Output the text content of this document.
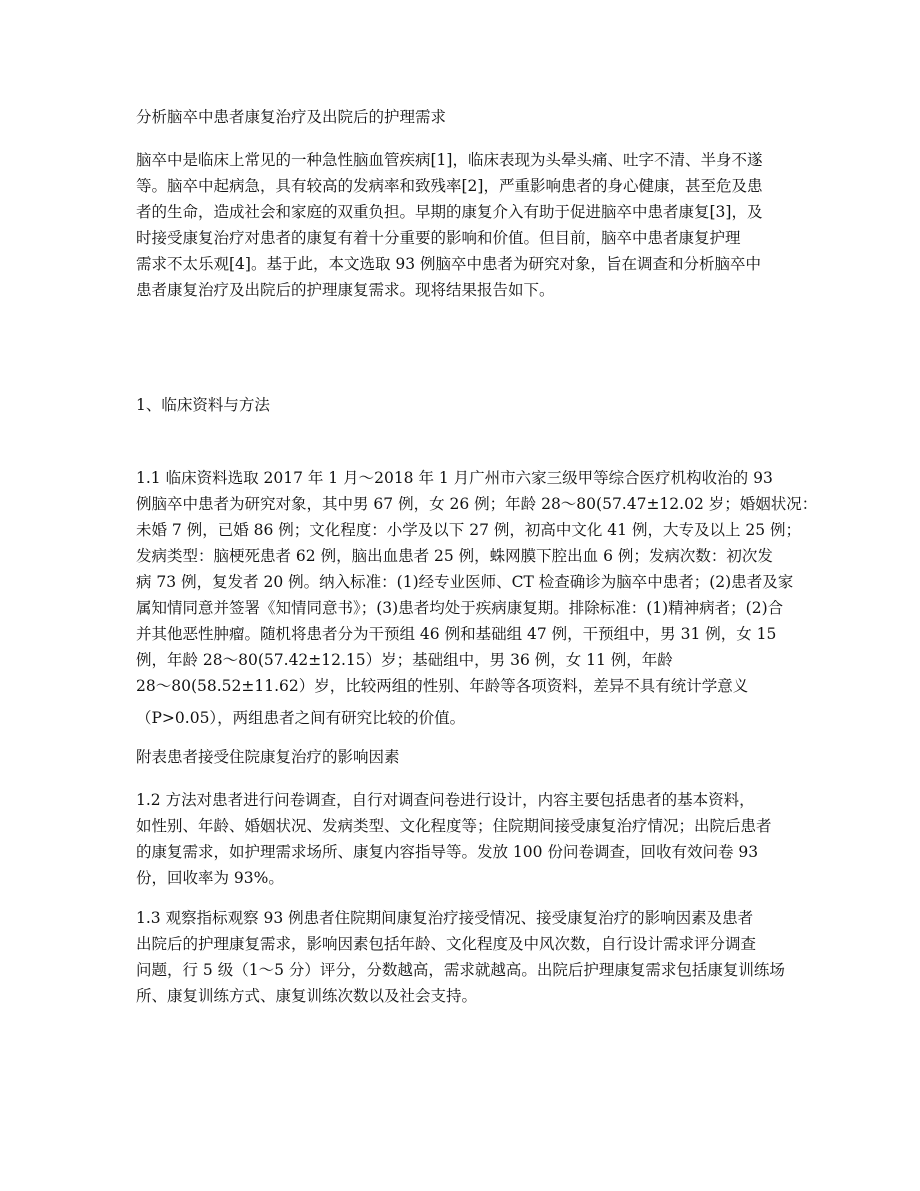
分析脑卒中患者康复治疗及出院后的护理需求
脑卒中是临床上常见的一种急性脑血管疾病[1]，临床表现为头晕头痛、吐字不清、半身不遂
等。脑卒中起病急，具有较高的发病率和致残率[2]，严重影响患者的身心健康，甚至危及患
者的生命，造成社会和家庭的双重负担。早期的康复介入有助于促进脑卒中患者康复[3]，及
时接受康复治疗对患者的康复有着十分重要的影响和价值。但目前，脑卒中患者康复护理
需求不太乐观[4]。基于此，本文选取 93 例脑卒中患者为研究对象，旨在调查和分析脑卒中
患者康复治疗及出院后的护理康复需求。现将结果报告如下。
1、临床资料与方法
1.1 临床资料选取 2017 年 1 月～2018 年 1 月广州市六家三级甲等综合医疗机构收治的 93
例脑卒中患者为研究对象，其中男 67 例，女 26 例；年龄 28～80(57.47±12.02 岁；婚姻状况：
未婚 7 例，已婚 86 例；文化程度：小学及以下 27 例，初高中文化 41 例，大专及以上 25 例；
发病类型：脑梗死患者 62 例，脑出血患者 25 例，蛛网膜下腔出血 6 例；发病次数：初次发
病 73 例，复发者 20 例。纳入标准：(1)经专业医师、CT 检查确诊为脑卒中患者；(2)患者及家
属知情同意并签署《知情同意书》；(3)患者均处于疾病康复期。排除标准：(1)精神病者；(2)合
并其他恶性肿瘤。随机将患者分为干预组 46 例和基础组 47 例，干预组中，男 31 例，女 15
例，年龄 28～80(57.42±12.15）岁；基础组中，男 36 例，女 11 例，年龄
28～80(58.52±11.62）岁，比较两组的性别、年龄等各项资料，差异不具有统计学意义
（P>0.05），两组患者之间有研究比较的价值。
附表患者接受住院康复治疗的影响因素
1.2 方法对患者进行问卷调查，自行对调查问卷进行设计，内容主要包括患者的基本资料，
如性别、年龄、婚姻状况、发病类型、文化程度等；住院期间接受康复治疗情况；出院后患者
的康复需求，如护理需求场所、康复内容指导等。发放 100 份问卷调查，回收有效问卷 93
份，回收率为 93%。
1.3 观察指标观察 93 例患者住院期间康复治疗接受情况、接受康复治疗的影响因素及患者
出院后的护理康复需求，影响因素包括年龄、文化程度及中风次数，自行设计需求评分调查
问题，行 5 级（1～5 分）评分，分数越高，需求就越高。出院后护理康复需求包括康复训练场
所、康复训练方式、康复训练次数以及社会支持。
